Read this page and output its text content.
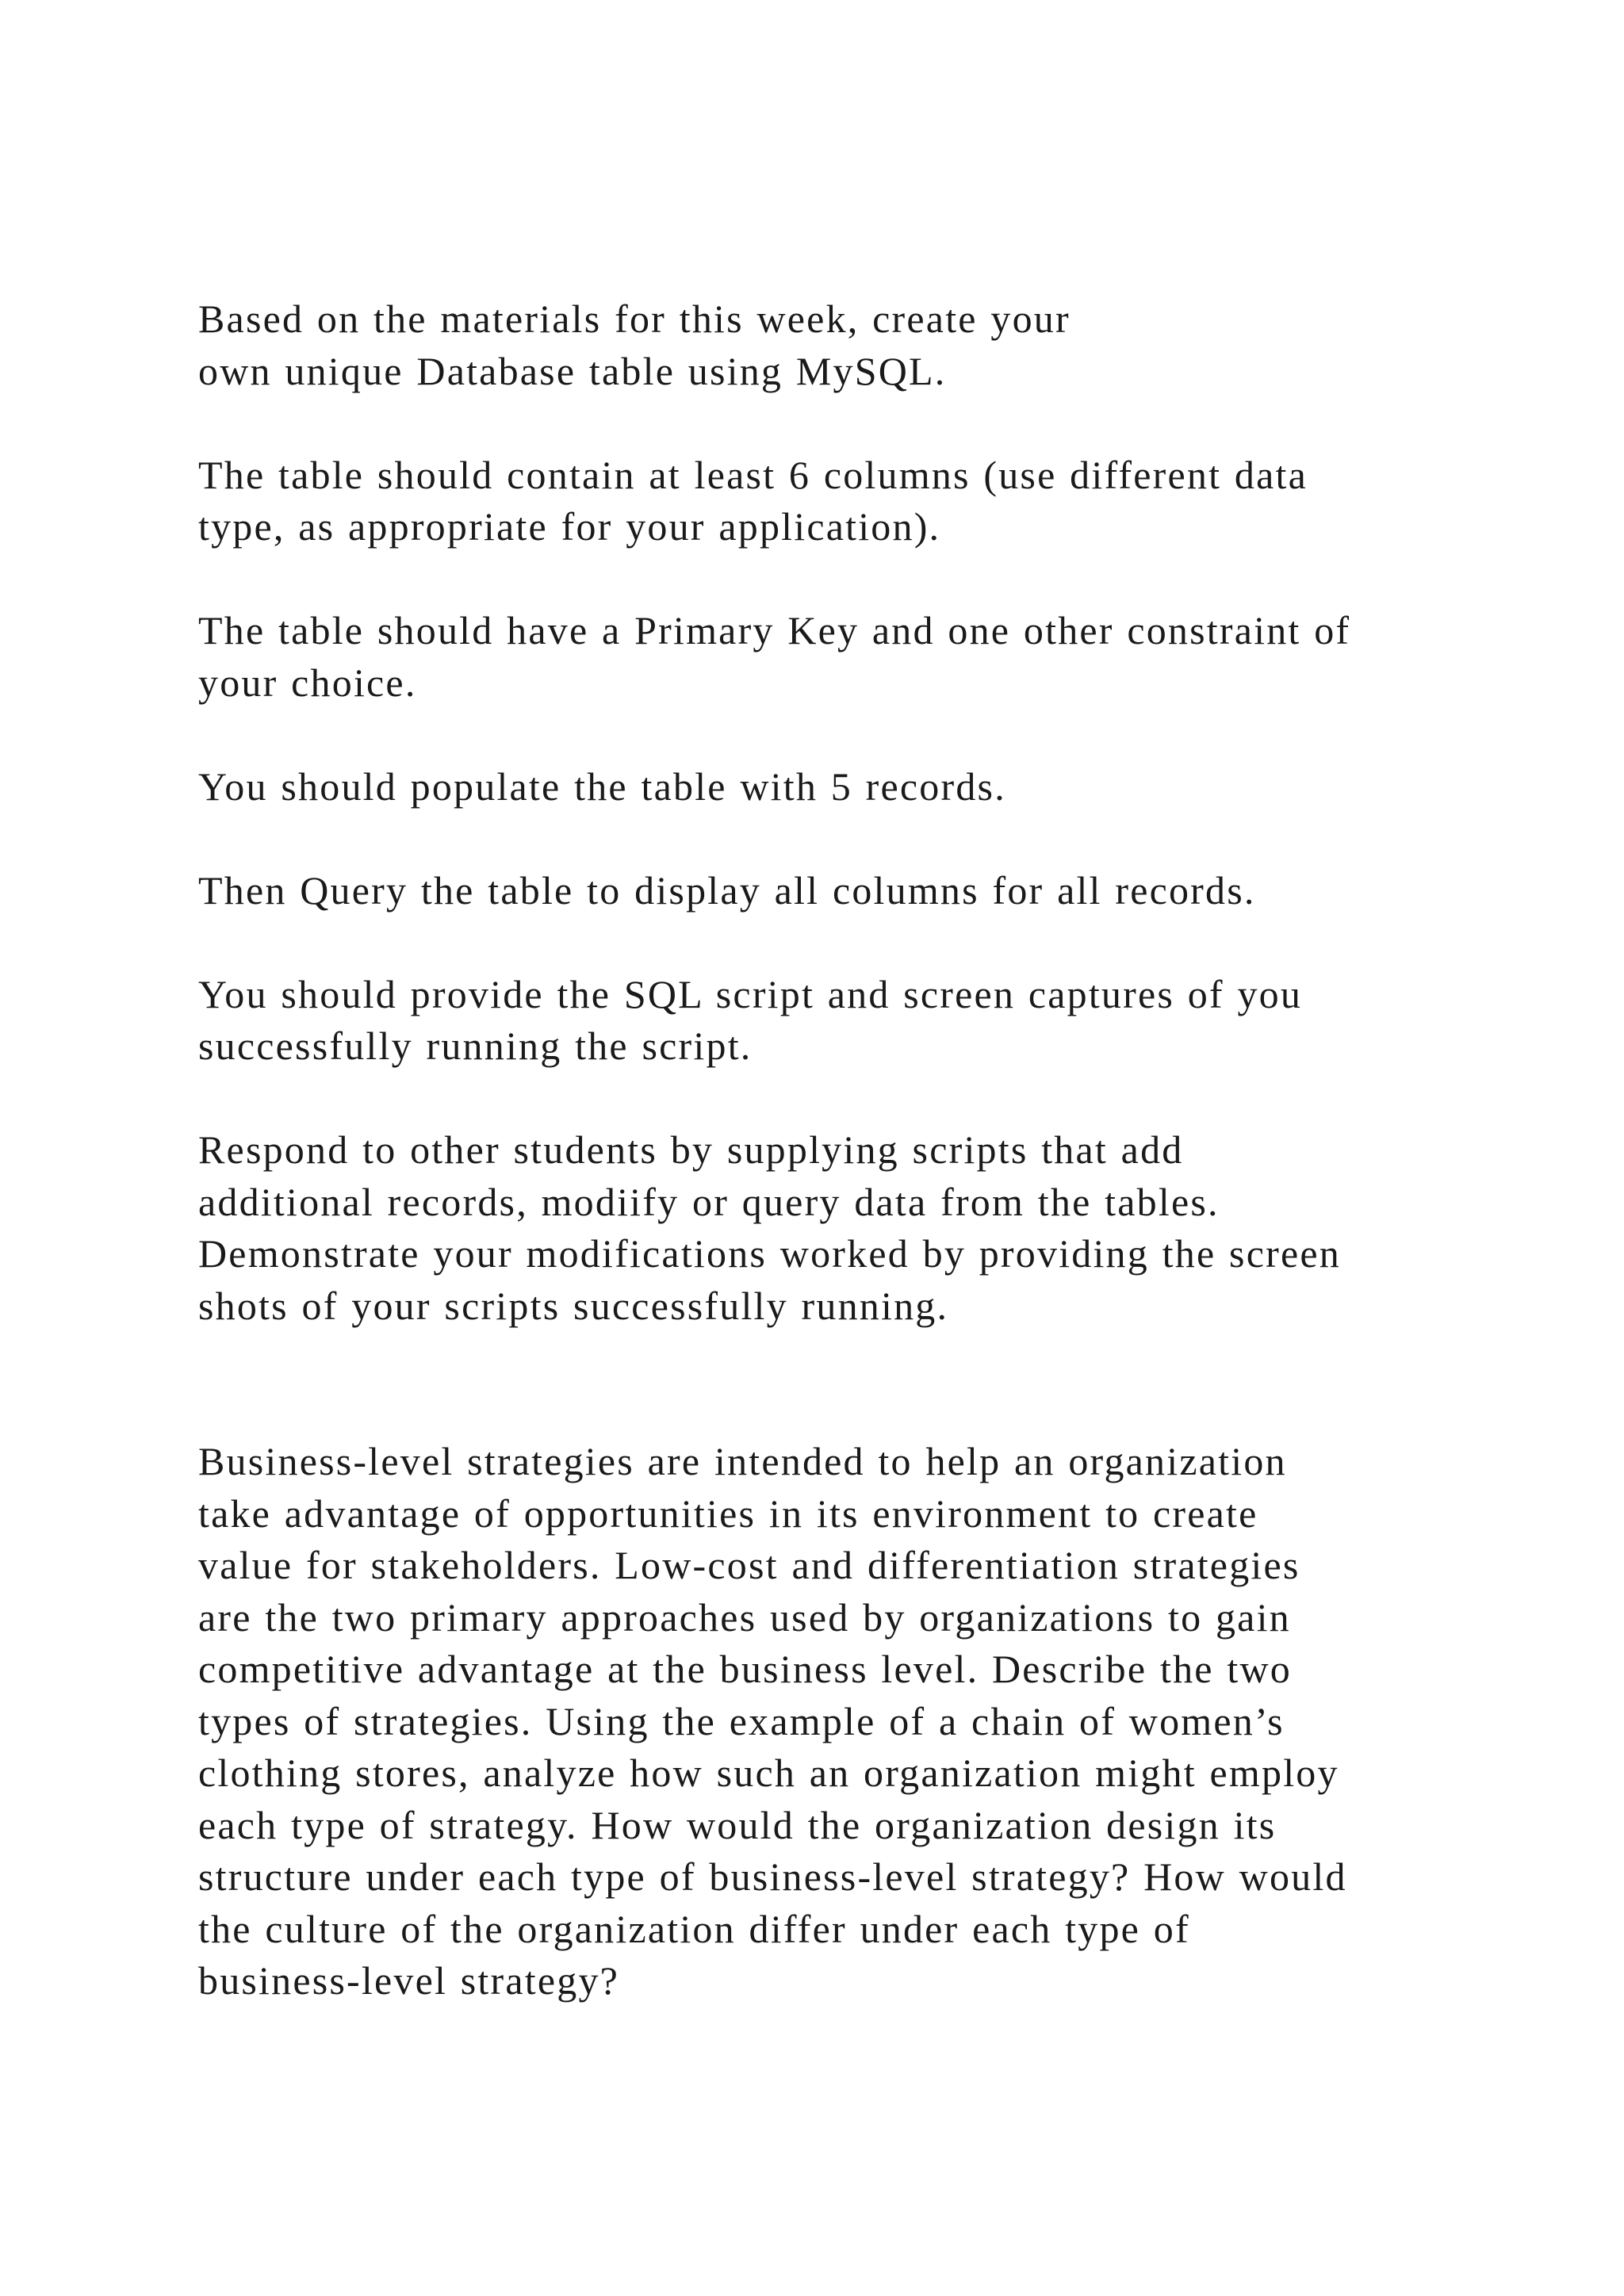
Based on the materials for this week, create your
own unique Database table using MySQL.
The table should contain at least 6 columns (use different data
type, as appropriate for your application).
The table should have a Primary Key and one other constraint of
your choice.
You should populate the table with 5 records.
Then Query the table to display all columns for all records.
You should provide the SQL script and screen captures of you
successfully running the script.
Respond to other students by supplying scripts that add
additional records, modiify or query data from the tables.
Demonstrate your modifications worked by providing the screen
shots of your scripts successfully running.
Business-level strategies are intended to help an organization
take advantage of opportunities in its environment to create
value for stakeholders. Low-cost and differentiation strategies
are the two primary approaches used by organizations to gain
competitive advantage at the business level. Describe the two
types of strategies. Using the example of a chain of women’s
clothing stores, analyze how such an organization might employ
each type of strategy. How would the organization design its
structure under each type of business-level strategy? How would
the culture of the organization differ under each type of
business-level strategy?
